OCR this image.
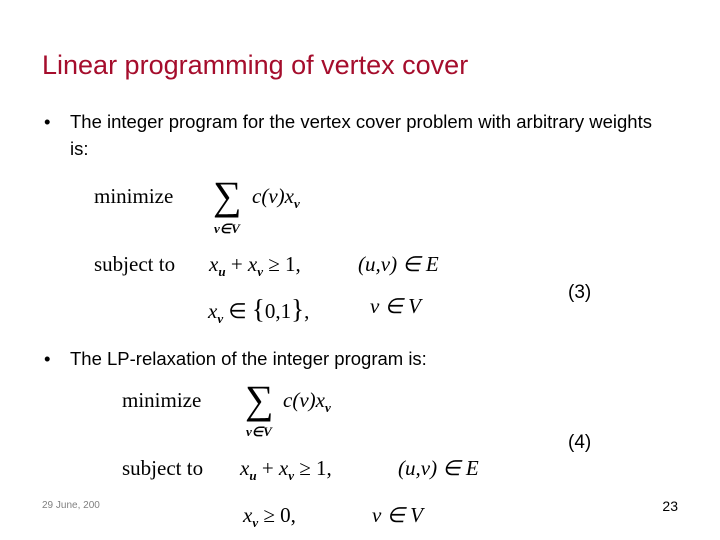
Linear programming of vertex cover
• The integer program for the vertex cover problem with arbitrary weights is:
minimize ∑
v∈V
$c(v)x_v$
subject to $x_u + x_v \ge 1$,	(u,v) ∈ E
$x_v$ ∈ {0,1},	v ∈ V
(3)
• The LP-relaxation of the integer program is:
minimize ∑
v∈V
$c(v)x_v$
subject to $x_u + x_v \ge 1$,	(u,v) ∈ E
$x_v \ge 0$,	v ∈ V
(4)
29 June, 200	23
